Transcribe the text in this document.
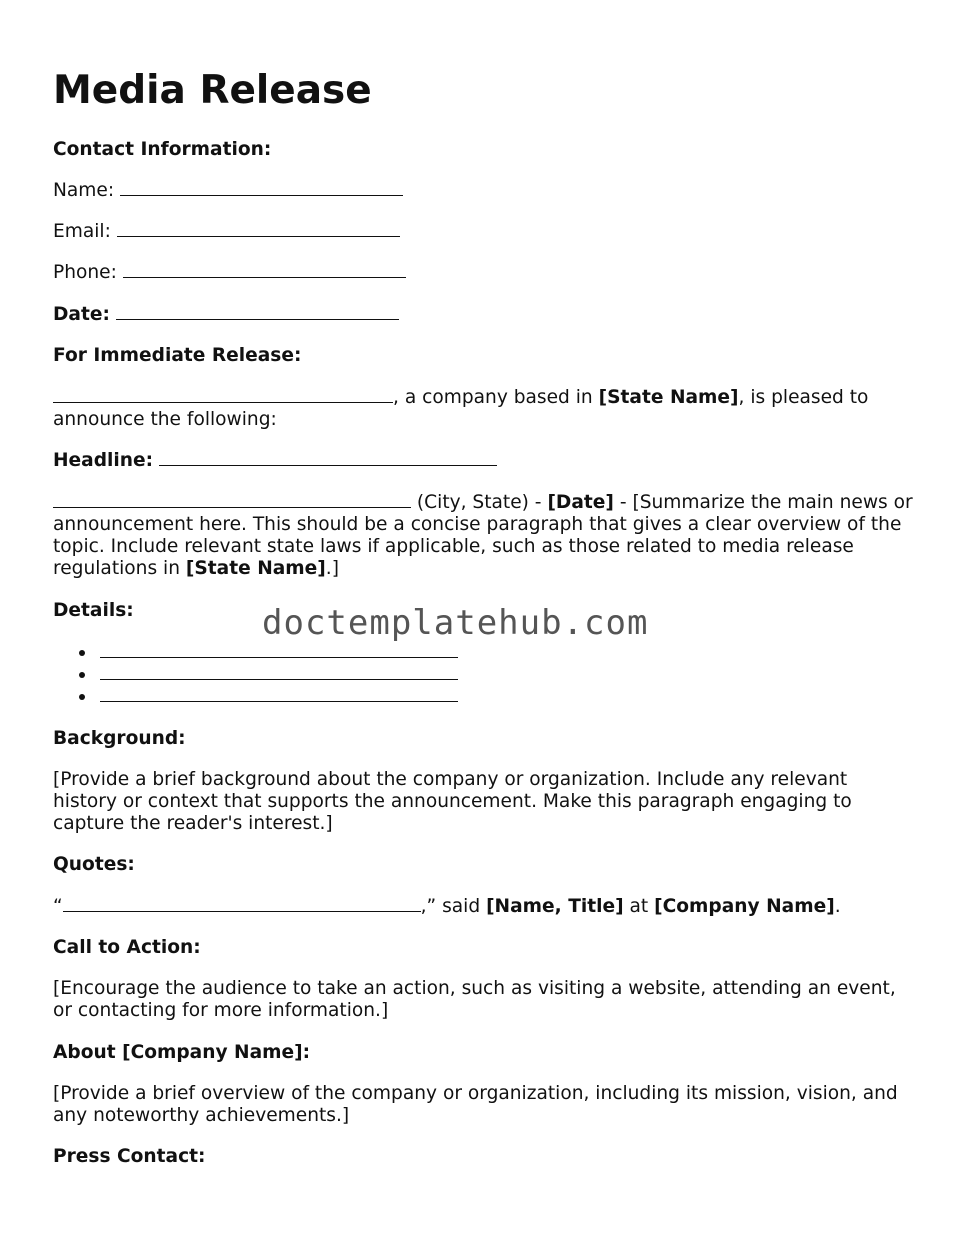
Media Release

Contact Information:

Name:

Email:

Phone:

Date:

For Immediate Release:

, a company based in [State Name], is pleased to announce the following:

Headline:

(City, State) - [Date] - [Summarize the main news or announcement here. This should be a concise paragraph that gives a clear overview of the topic. Include relevant state laws if applicable, such as those related to media release regulations in [State Name].]

Details:

Background:

[Provide a brief background about the company or organization. Include any relevant history or context that supports the announcement. Make this paragraph engaging to capture the reader's interest.]

Quotes:

“	,” said [Name, Title] at [Company Name].

Call to Action:

[Encourage the audience to take an action, such as visiting a website, attending an event, or contacting for more information.]

About [Company Name]:

[Provide a brief overview of the company or organization, including its mission, vision, and any noteworthy achievements.]

Press Contact:

doctemplatehub.com
